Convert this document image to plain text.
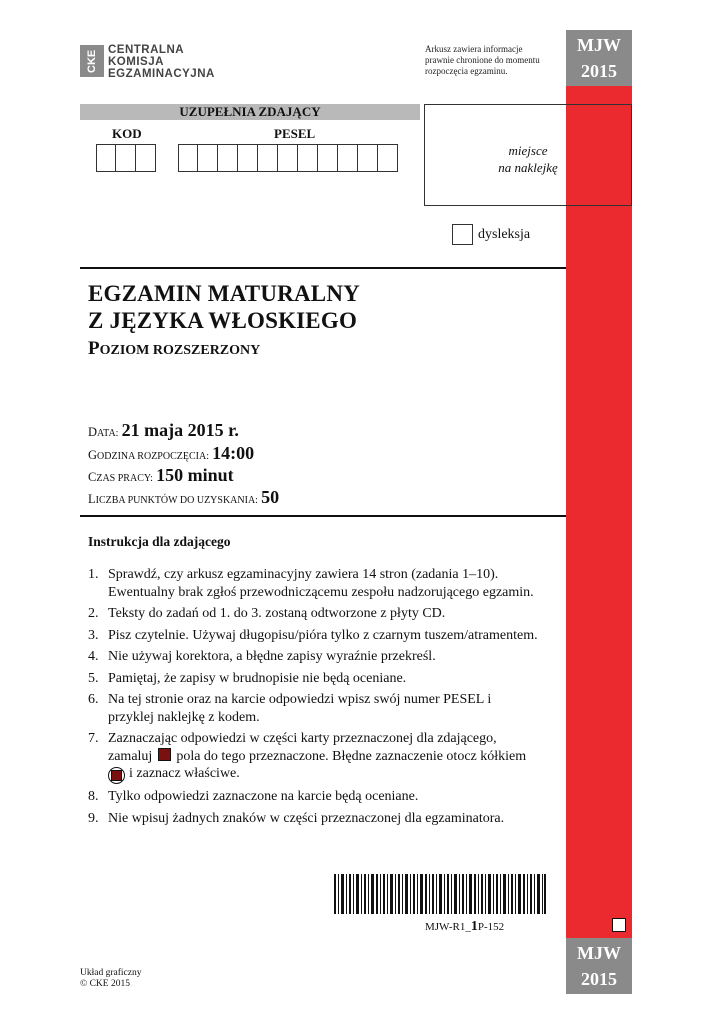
CKE CENTRALNA
KOMISJA
EGZAMINACYJNA
Arkusz zawiera informacje
prawnie chronione do momentu
rozpoczęcia egzaminu.
MJW
2015
MJW
2015
UZUPEŁNIA ZDAJĄCY
KOD	PESEL
miejsce
na naklejkę
dysleksja
EGZAMIN MATURALNY
Z JĘZYKA WŁOSKIEGO
POZIOM ROZSZERZONY
DATA: 21 maja 2015 r.
GODZINA ROZPOCZĘCIA: 14:00
CZAS PRACY: 150 minut
LICZBA PUNKTÓW DO UZYSKANIA: 50
Instrukcja dla zdającego
1. Sprawdź, czy arkusz egzaminacyjny zawiera 14 stron (zadania 1–10). Ewentualny brak zgłoś przewodniczącemu zespołu nadzorującego egzamin.
2. Teksty do zadań od 1. do 3. zostaną odtworzone z płyty CD.
3. Pisz czytelnie. Używaj długopisu/pióra tylko z czarnym tuszem/atramentem.
4. Nie używaj korektora, a błędne zapisy wyraźnie przekreśl.
5. Pamiętaj, że zapisy w brudnopisie nie będą oceniane.
6. Na tej stronie oraz na karcie odpowiedzi wpisz swój numer PESEL i przyklej naklejkę z kodem.
7. Zaznaczając odpowiedzi w części karty przeznaczonej dla zdającego, zamaluj pola do tego przeznaczone. Błędne zaznaczenie otocz kółkiem

i zaznacz właściwe.
8. Tylko odpowiedzi zaznaczone na karcie będą oceniane.
9. Nie wpisuj żadnych znaków w części przeznaczonej dla egzaminatora.
MJW-R1_1P-152
Układ graficzny
© CKE 2015
